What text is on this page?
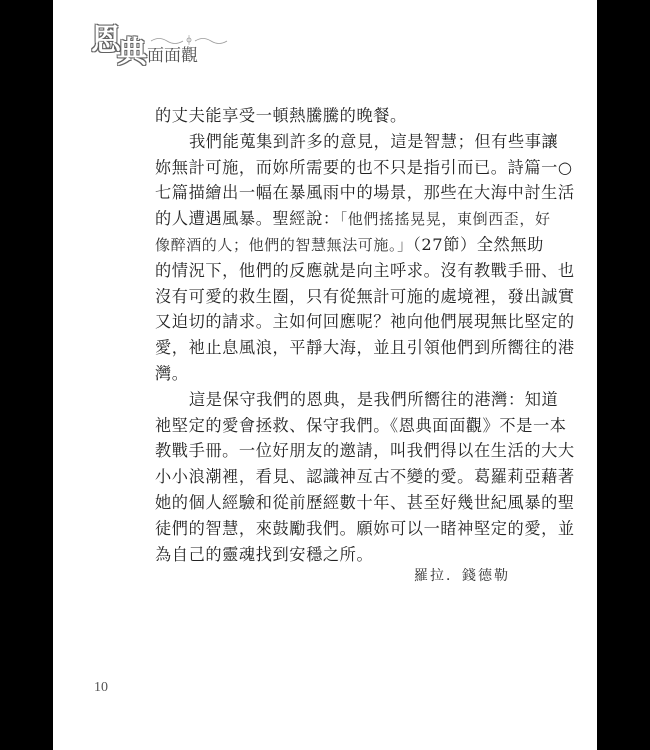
恩
典 面面觀
的丈夫能享受一頓熱騰騰的晚餐。
我們能蒐集到許多的意見，這是智慧；但有些事讓
妳無計可施，而妳所需要的也不只是指引而已。詩篇一○
七篇描繪出一幅在暴風雨中的場景，那些在大海中討生活
的人遭遇風暴。聖經說：「他們搖搖晃晃，東倒西歪，好
像醉酒的人；他們的智慧無法可施。」（27節）全然無助
的情況下，他們的反應就是向主呼求。沒有教戰手冊、也
沒有可愛的救生圈，只有從無計可施的處境裡，發出誠實
又迫切的請求。主如何回應呢？祂向他們展現無比堅定的
愛，祂止息風浪，平靜大海，並且引領他們到所嚮往的港
灣。
這是保守我們的恩典，是我們所嚮往的港灣：知道
祂堅定的愛會拯救、保守我們。《恩典面面觀》不是一本
教戰手冊。一位好朋友的邀請，叫我們得以在生活的大大
小小浪潮裡，看見、認識神亙古不變的愛。葛羅莉亞藉著
她的個人經驗和從前歷經數十年、甚至好幾世紀風暴的聖
徒們的智慧，來鼓勵我們。願妳可以一睹神堅定的愛，並
為自己的靈魂找到安穩之所。
羅拉．錢德勒
10
